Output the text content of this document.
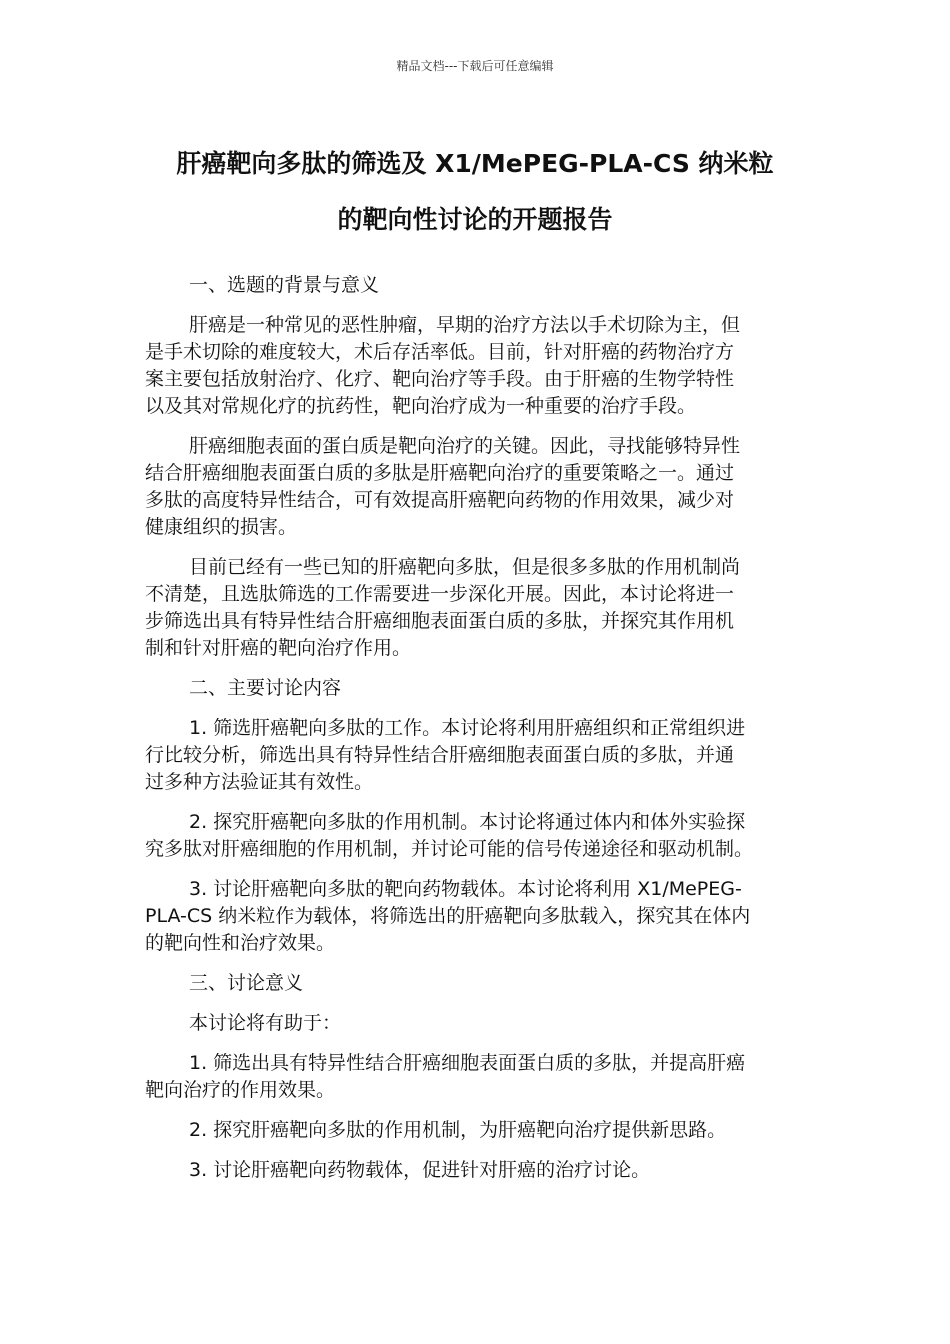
精品文档---下载后可任意编辑
肝癌靶向多肽的筛选及 X1/MePEG-PLA-CS 纳米粒
的靶向性讨论的开题报告

一、选题的背景与意义

肝癌是一种常见的恶性肿瘤，早期的治疗方法以手术切除为主，但
是手术切除的难度较大，术后存活率低。目前，针对肝癌的药物治疗方
案主要包括放射治疗、化疗、靶向治疗等手段。由于肝癌的生物学特性
以及其对常规化疗的抗药性，靶向治疗成为一种重要的治疗手段。

肝癌细胞表面的蛋白质是靶向治疗的关键。因此，寻找能够特异性
结合肝癌细胞表面蛋白质的多肽是肝癌靶向治疗的重要策略之一。通过
多肽的高度特异性结合，可有效提高肝癌靶向药物的作用效果，减少对
健康组织的损害。

目前已经有一些已知的肝癌靶向多肽，但是很多多肽的作用机制尚
不清楚，且选肽筛选的工作需要进一步深化开展。因此，本讨论将进一
步筛选出具有特异性结合肝癌细胞表面蛋白质的多肽，并探究其作用机
制和针对肝癌的靶向治疗作用。

二、主要讨论内容

1. 筛选肝癌靶向多肽的工作。本讨论将利用肝癌组织和正常组织进
行比较分析，筛选出具有特异性结合肝癌细胞表面蛋白质的多肽，并通
过多种方法验证其有效性。

2. 探究肝癌靶向多肽的作用机制。本讨论将通过体内和体外实验探
究多肽对肝癌细胞的作用机制，并讨论可能的信号传递途径和驱动机制。

3. 讨论肝癌靶向多肽的靶向药物载体。本讨论将利用 X1/MePEG-
PLA-CS 纳米粒作为载体，将筛选出的肝癌靶向多肽载入，探究其在体内
的靶向性和治疗效果。

三、讨论意义

本讨论将有助于：

1. 筛选出具有特异性结合肝癌细胞表面蛋白质的多肽，并提高肝癌
靶向治疗的作用效果。

2. 探究肝癌靶向多肽的作用机制，为肝癌靶向治疗提供新思路。

3. 讨论肝癌靶向药物载体，促进针对肝癌的治疗讨论。
